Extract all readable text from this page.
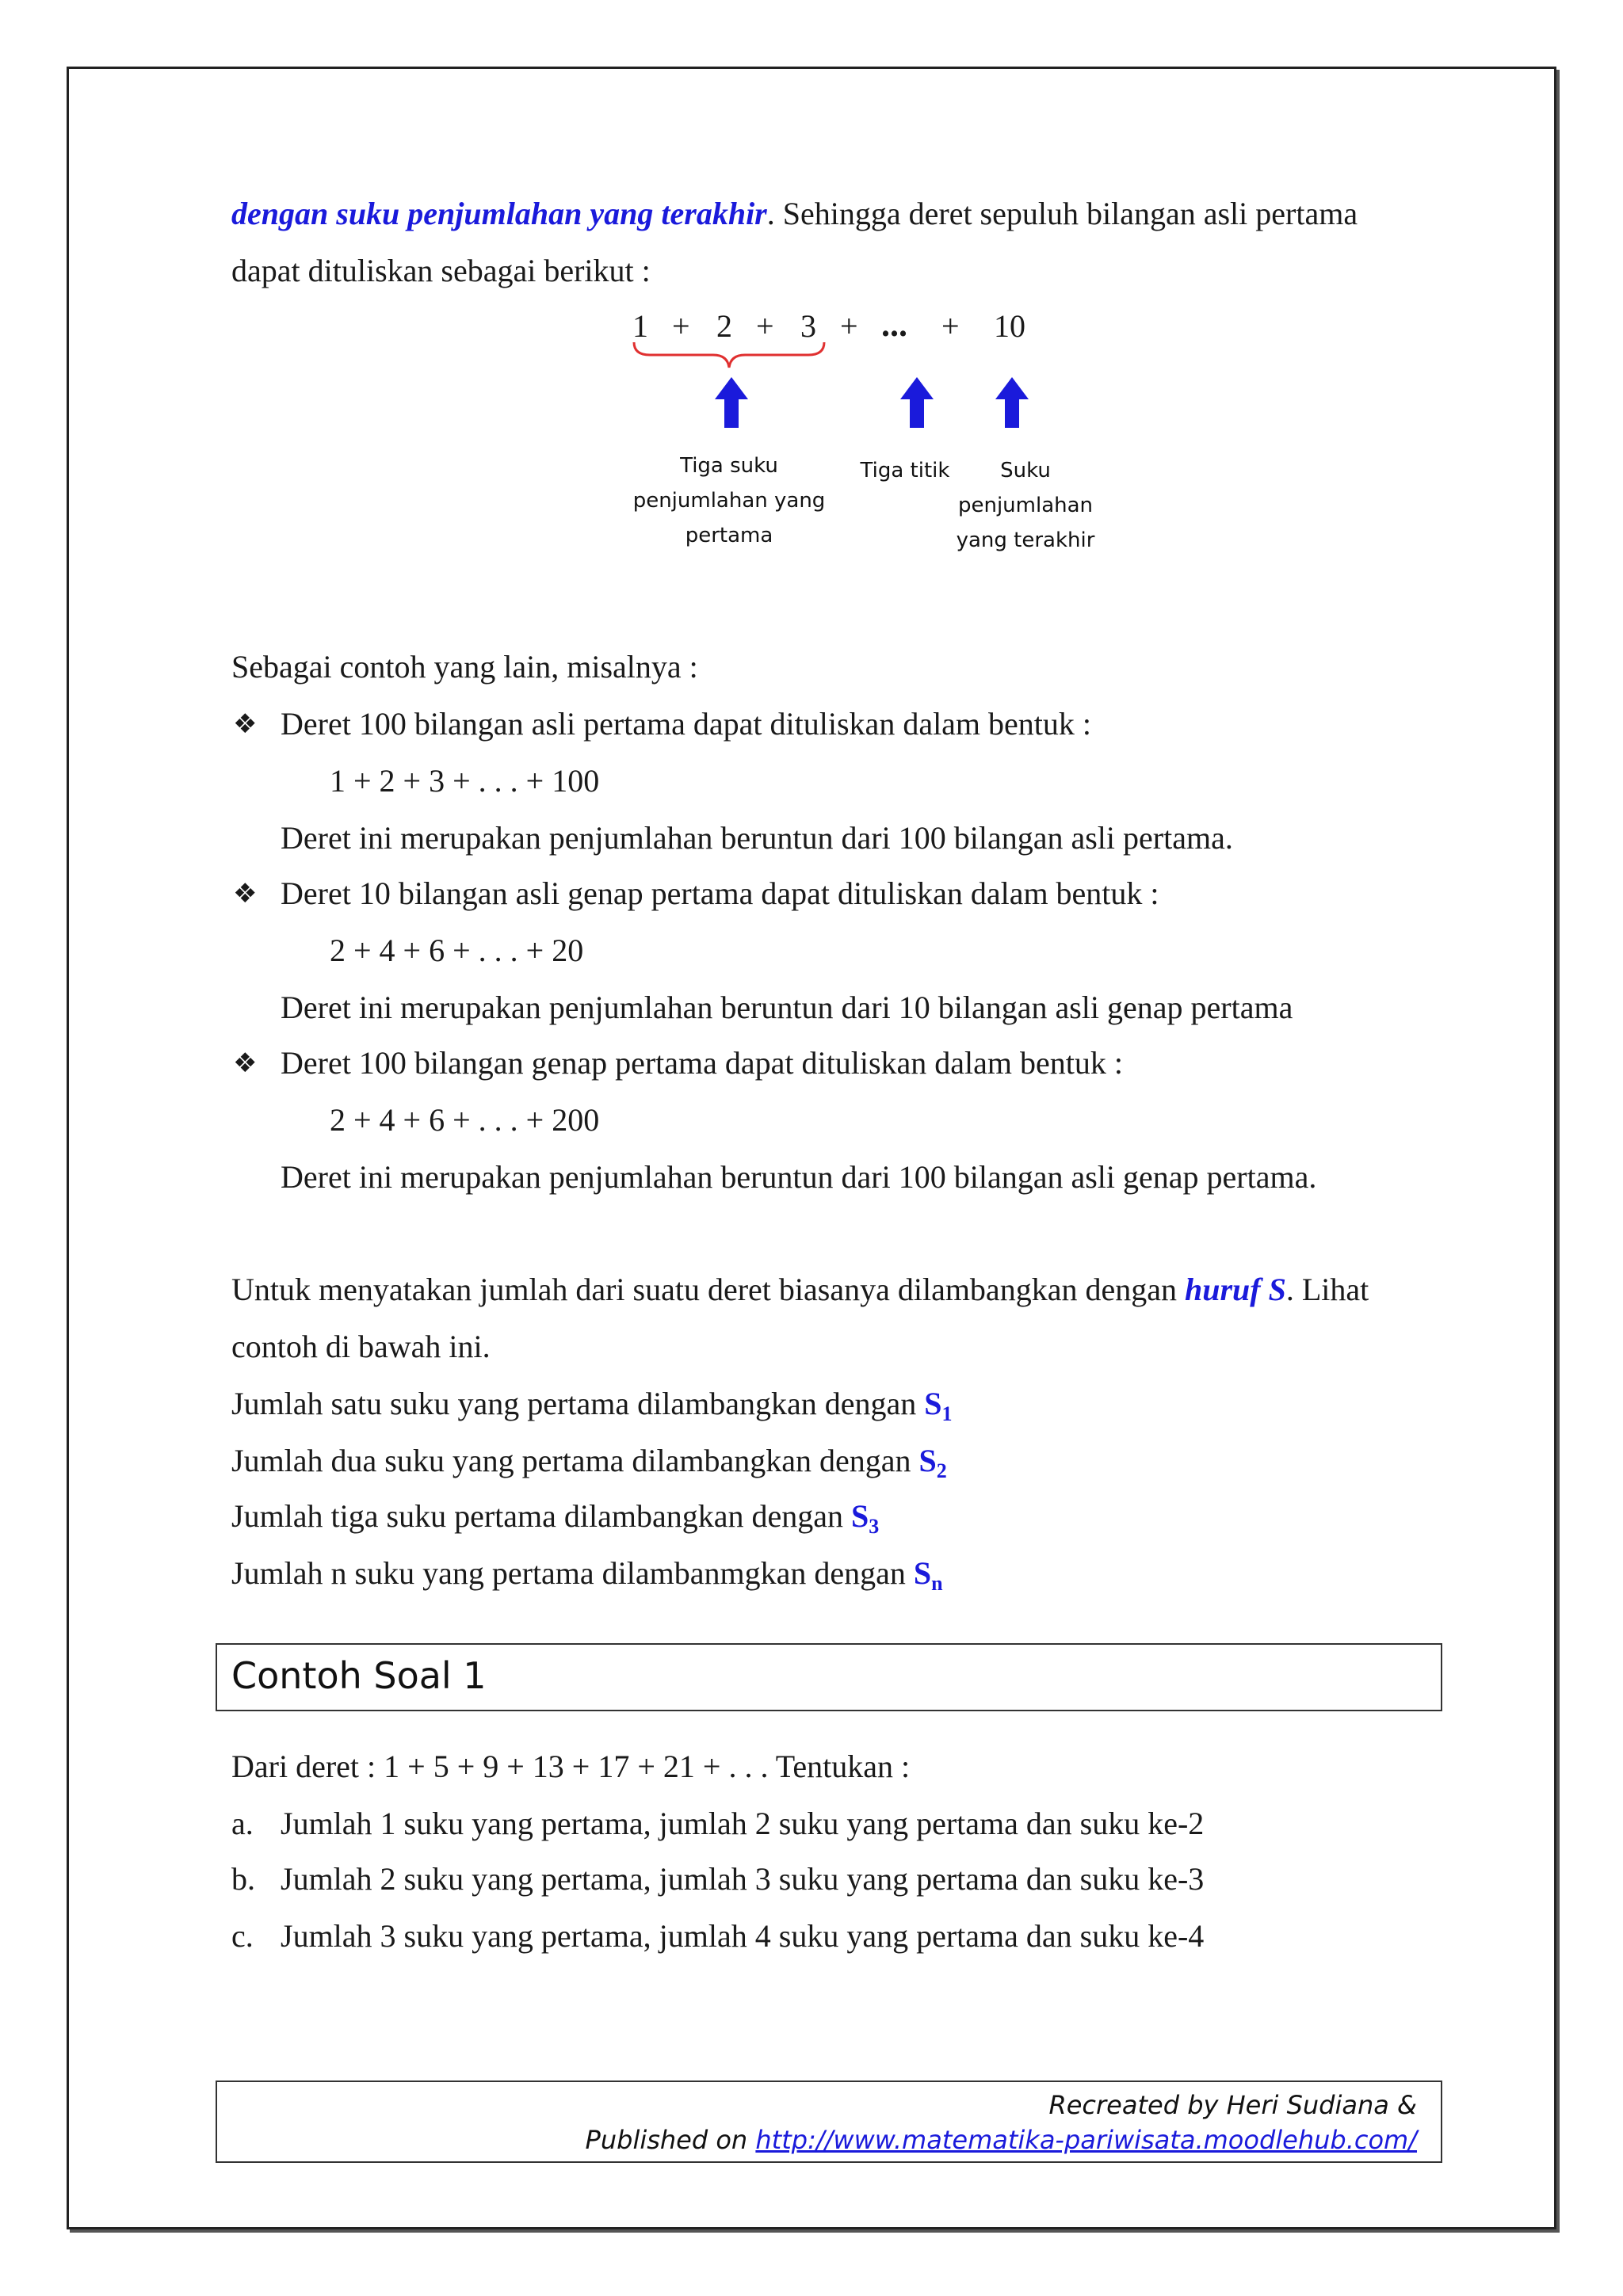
dengan suku penjumlahan yang terakhir. Sehingga deret sepuluh bilangan asli pertama
dapat dituliskan sebagai berikut :
1 + 2 + 3 + ... + 10
Tiga suku
penjumlahan yang
pertama
Tiga titik	Suku
penjumlahan
yang terakhir
Sebagai contoh yang lain, misalnya :
❖ Deret 100 bilangan asli pertama dapat dituliskan dalam bentuk :
1 + 2 + 3 + . . . + 100
Deret ini merupakan penjumlahan beruntun dari 100 bilangan asli pertama.
❖ Deret 10 bilangan asli genap pertama dapat dituliskan dalam bentuk :
2 + 4 + 6 + . . . + 20
Deret ini merupakan penjumlahan beruntun dari 10 bilangan asli genap pertama
❖ Deret 100 bilangan genap pertama dapat dituliskan dalam bentuk :
2 + 4 + 6 + . . . + 200
Deret ini merupakan penjumlahan beruntun dari 100 bilangan asli genap pertama.
Untuk menyatakan jumlah dari suatu deret biasanya dilambangkan dengan huruf S. Lihat
contoh di bawah ini.
Jumlah satu suku yang pertama dilambangkan dengan $S_1$
Jumlah dua suku yang pertama dilambangkan dengan $S_2$
Jumlah tiga suku pertama dilambangkan dengan $S_3$
Jumlah n suku yang pertama dilambanmgkan dengan $S_n$
Contoh Soal 1
Dari deret : 1 + 5 + 9 + 13 + 17 + 21 + . . . Tentukan :
a. Jumlah 1 suku yang pertama, jumlah 2 suku yang pertama dan suku ke-2
b. Jumlah 2 suku yang pertama, jumlah 3 suku yang pertama dan suku ke-3
c. Jumlah 3 suku yang pertama, jumlah 4 suku yang pertama dan suku ke-4
Recreated by Heri Sudiana &
Published on http://www.matematika-pariwisata.moodlehub.com/
